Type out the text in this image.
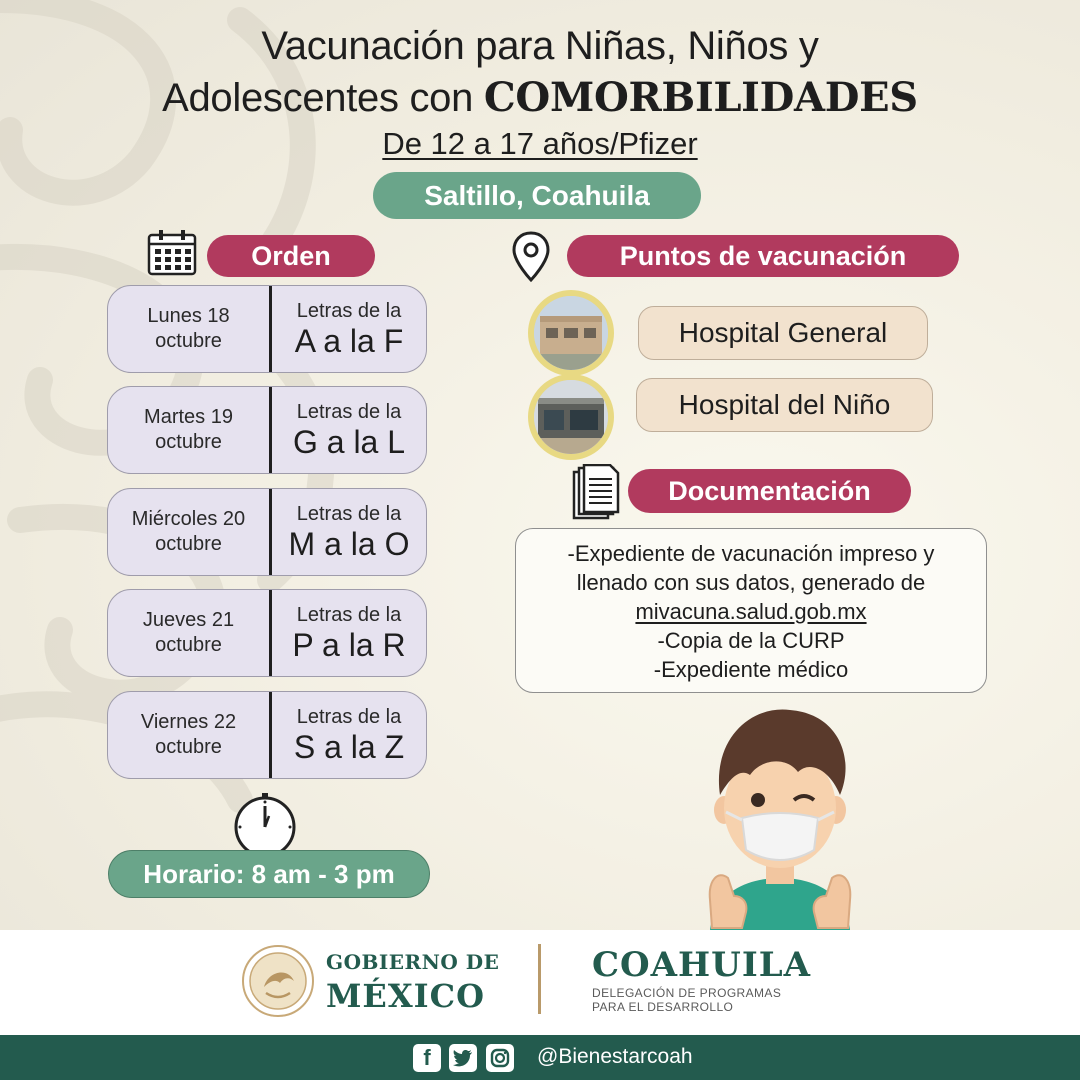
Vacunación para Niñas, Niños y
Adolescentes con COMORBILIDADES
De 12 a 17 años/Pfizer
Saltillo, Coahuila
Orden	Puntos de vacunación
Lunes 18
octubre
Letras de la
A a la F
Martes 19
octubre
Letras de la
G a la L
Miércoles 20
octubre
Letras de la
M a la O
Jueves 21
octubre
Letras de la
P a la R
Viernes 22
octubre
Letras de la
S a la Z
Horario: 8 am - 3 pm
Hospital General
Hospital del Niño
Documentación
-Expediente de vacunación impreso y
llenado con sus datos, generado de
mivacuna.salud.gob.mx
-Copia de la CURP
-Expediente médico
GOBIERNO DE
MÉXICO
COAHUILA
DELEGACIÓN DE PROGRAMAS
PARA EL DESARROLLO
f	@Bienestarcoah
